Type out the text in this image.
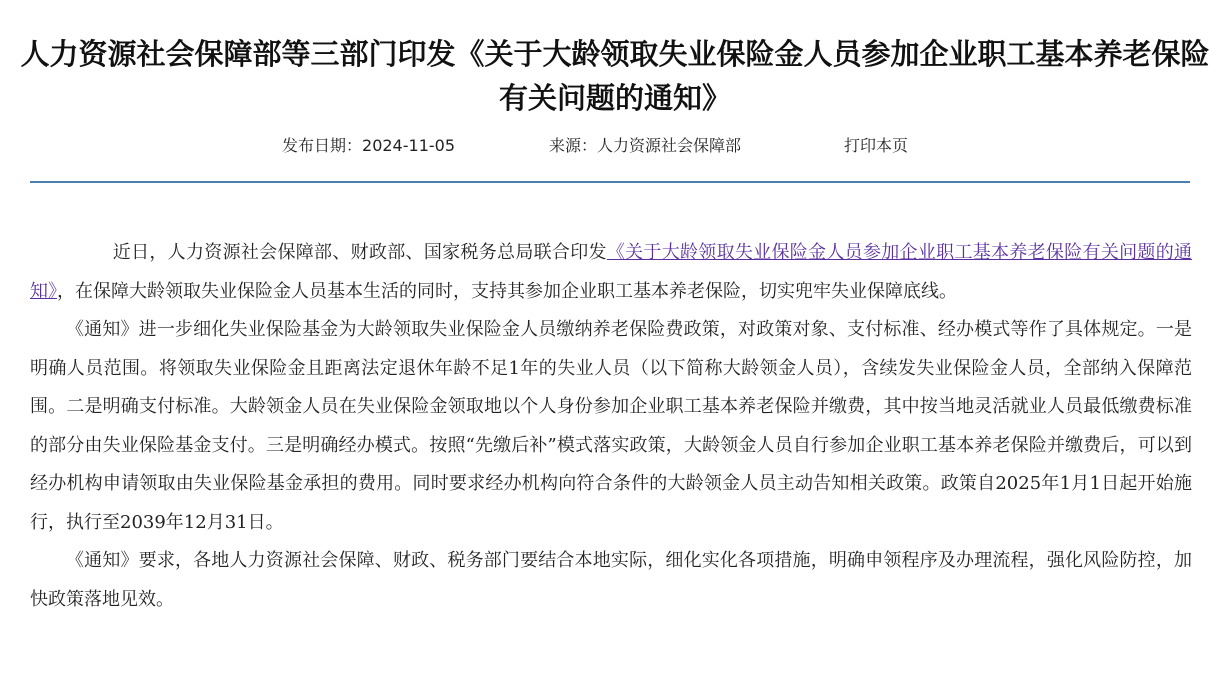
人力资源社会保障部等三部门印发《关于大龄领取失业保险金人员参加企业职工基本养老保险有关问题的通知》
发布日期：2024-11-05	来源：人力资源社会保障部	打印本页

近日，人力资源社会保障部、财政部、国家税务总局联合印发《关于大龄领取失业保险金人员参加企业职工基本养老保险有关问题的通知》，在保障大龄领取失业保险金人员基本生活的同时，支持其参加企业职工基本养老保险，切实兜牢失业保障底线。

《通知》进一步细化失业保险基金为大龄领取失业保险金人员缴纳养老保险费政策，对政策对象、支付标准、经办模式等作了具体规定。一是明确人员范围。将领取失业保险金且距离法定退休年龄不足1年的失业人员（以下简称大龄领金人员），含续发失业保险金人员，全部纳入保障范围。二是明确支付标准。大龄领金人员在失业保险金领取地以个人身份参加企业职工基本养老保险并缴费，其中按当地灵活就业人员最低缴费标准的部分由失业保险基金支付。三是明确经办模式。按照“先缴后补”模式落实政策，大龄领金人员自行参加企业职工基本养老保险并缴费后，可以到经办机构申请领取由失业保险基金承担的费用。同时要求经办机构向符合条件的大龄领金人员主动告知相关政策。政策自2025年1月1日起开始施行，执行至2039年12月31日。

《通知》要求，各地人力资源社会保障、财政、税务部门要结合本地实际，细化实化各项措施，明确申领程序及办理流程，强化风险防控，加快政策落地见效。
